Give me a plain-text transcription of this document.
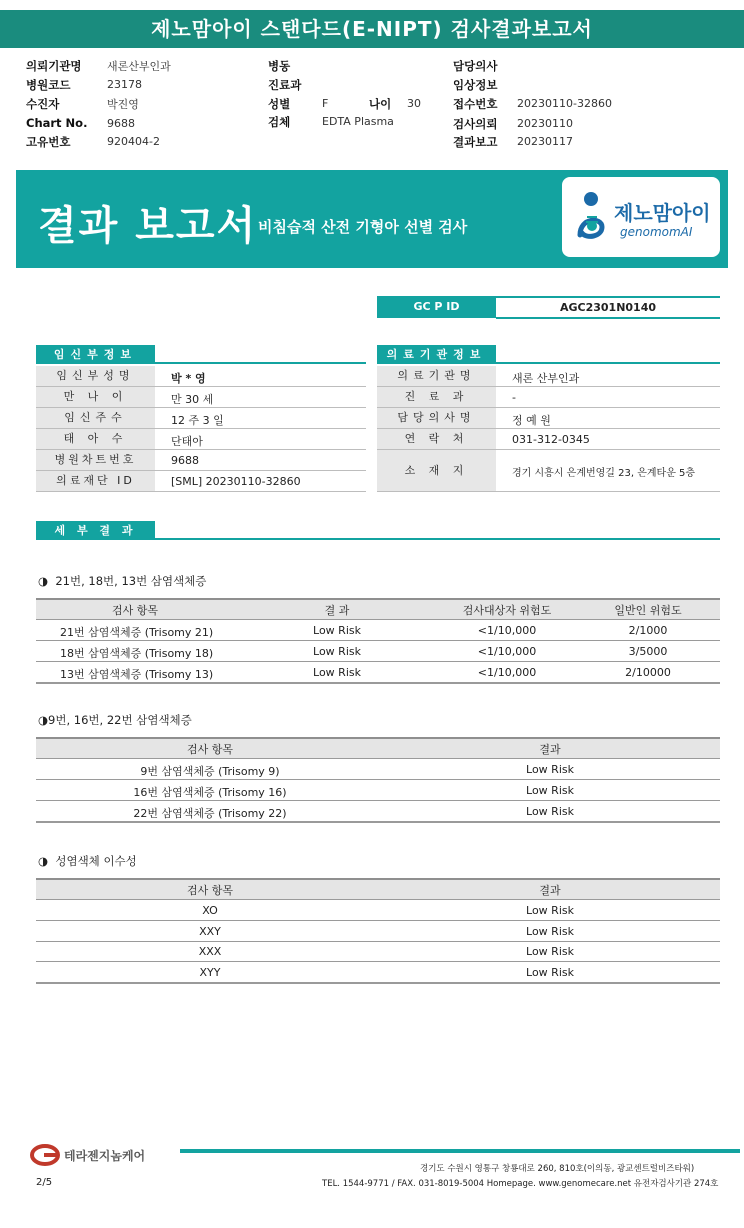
제노맘아이 스탠다드(E-NIPT) 검사결과보고서
의뢰기관명 새론산부인과
병원코드	23178
수진자	박진영
Chart No. 9688
고유번호	920404-2
병동
진료과
성별	F	나이 30
검체	EDTA Plasma
담당의사
임상정보
접수번호 20230110-32860
검사의뢰 20230110
결과보고 20230117
결과 보고서 비침습적 산전 기형아 선별 검사
제노맘아이
genomomAI
GC P ID	AGC2301N0140
임신부정보
임신부성명	박 * 영
만 나 이	만 30 세
임신주수	12 주 3 일
태 아 수	단태아
병원차트번호	9688
의료재단 ID	[SML] 20230110-32860
의료기관정보
의료기관명	새론 산부인과
진 료 과	-
담당의사명	정 예 원
연 락 처	031-312-0345
소 재 지	경기 시흥시 은계번영길 23, 은계타운 5층
세 부 결 과
◑ 21번, 18번, 13번 삼염색체증
검사 항목	결 과	검사대상자 위험도	일반인 위험도
21번 삼염색체증 (Trisomy 21)	Low Risk	<1/10,000	2/1000
18번 삼염색체증 (Trisomy 18)	Low Risk	<1/10,000	3/5000
13번 삼염색체증 (Trisomy 13)	Low Risk	<1/10,000	2/10000
◑9번, 16번, 22번 삼염색체증
검사 항목	결과
9번 삼염색체증 (Trisomy 9)	Low Risk
16번 삼염색체증 (Trisomy 16)	Low Risk
22번 삼염색체증 (Trisomy 22)	Low Risk
◑ 성염색체 이수성
검사 항목	결과
XO	Low Risk
XXY	Low Risk
XXX	Low Risk
XYY	Low Risk
테라젠지놈케어
경기도 수원시 영통구 창룡대로 260, 810호(이의동, 광교센트럴비즈타워)
TEL. 1544-9771 / FAX. 031-8019-5004 Homepage. www.genomecare.net 유전자검사기관 274호
2/5
